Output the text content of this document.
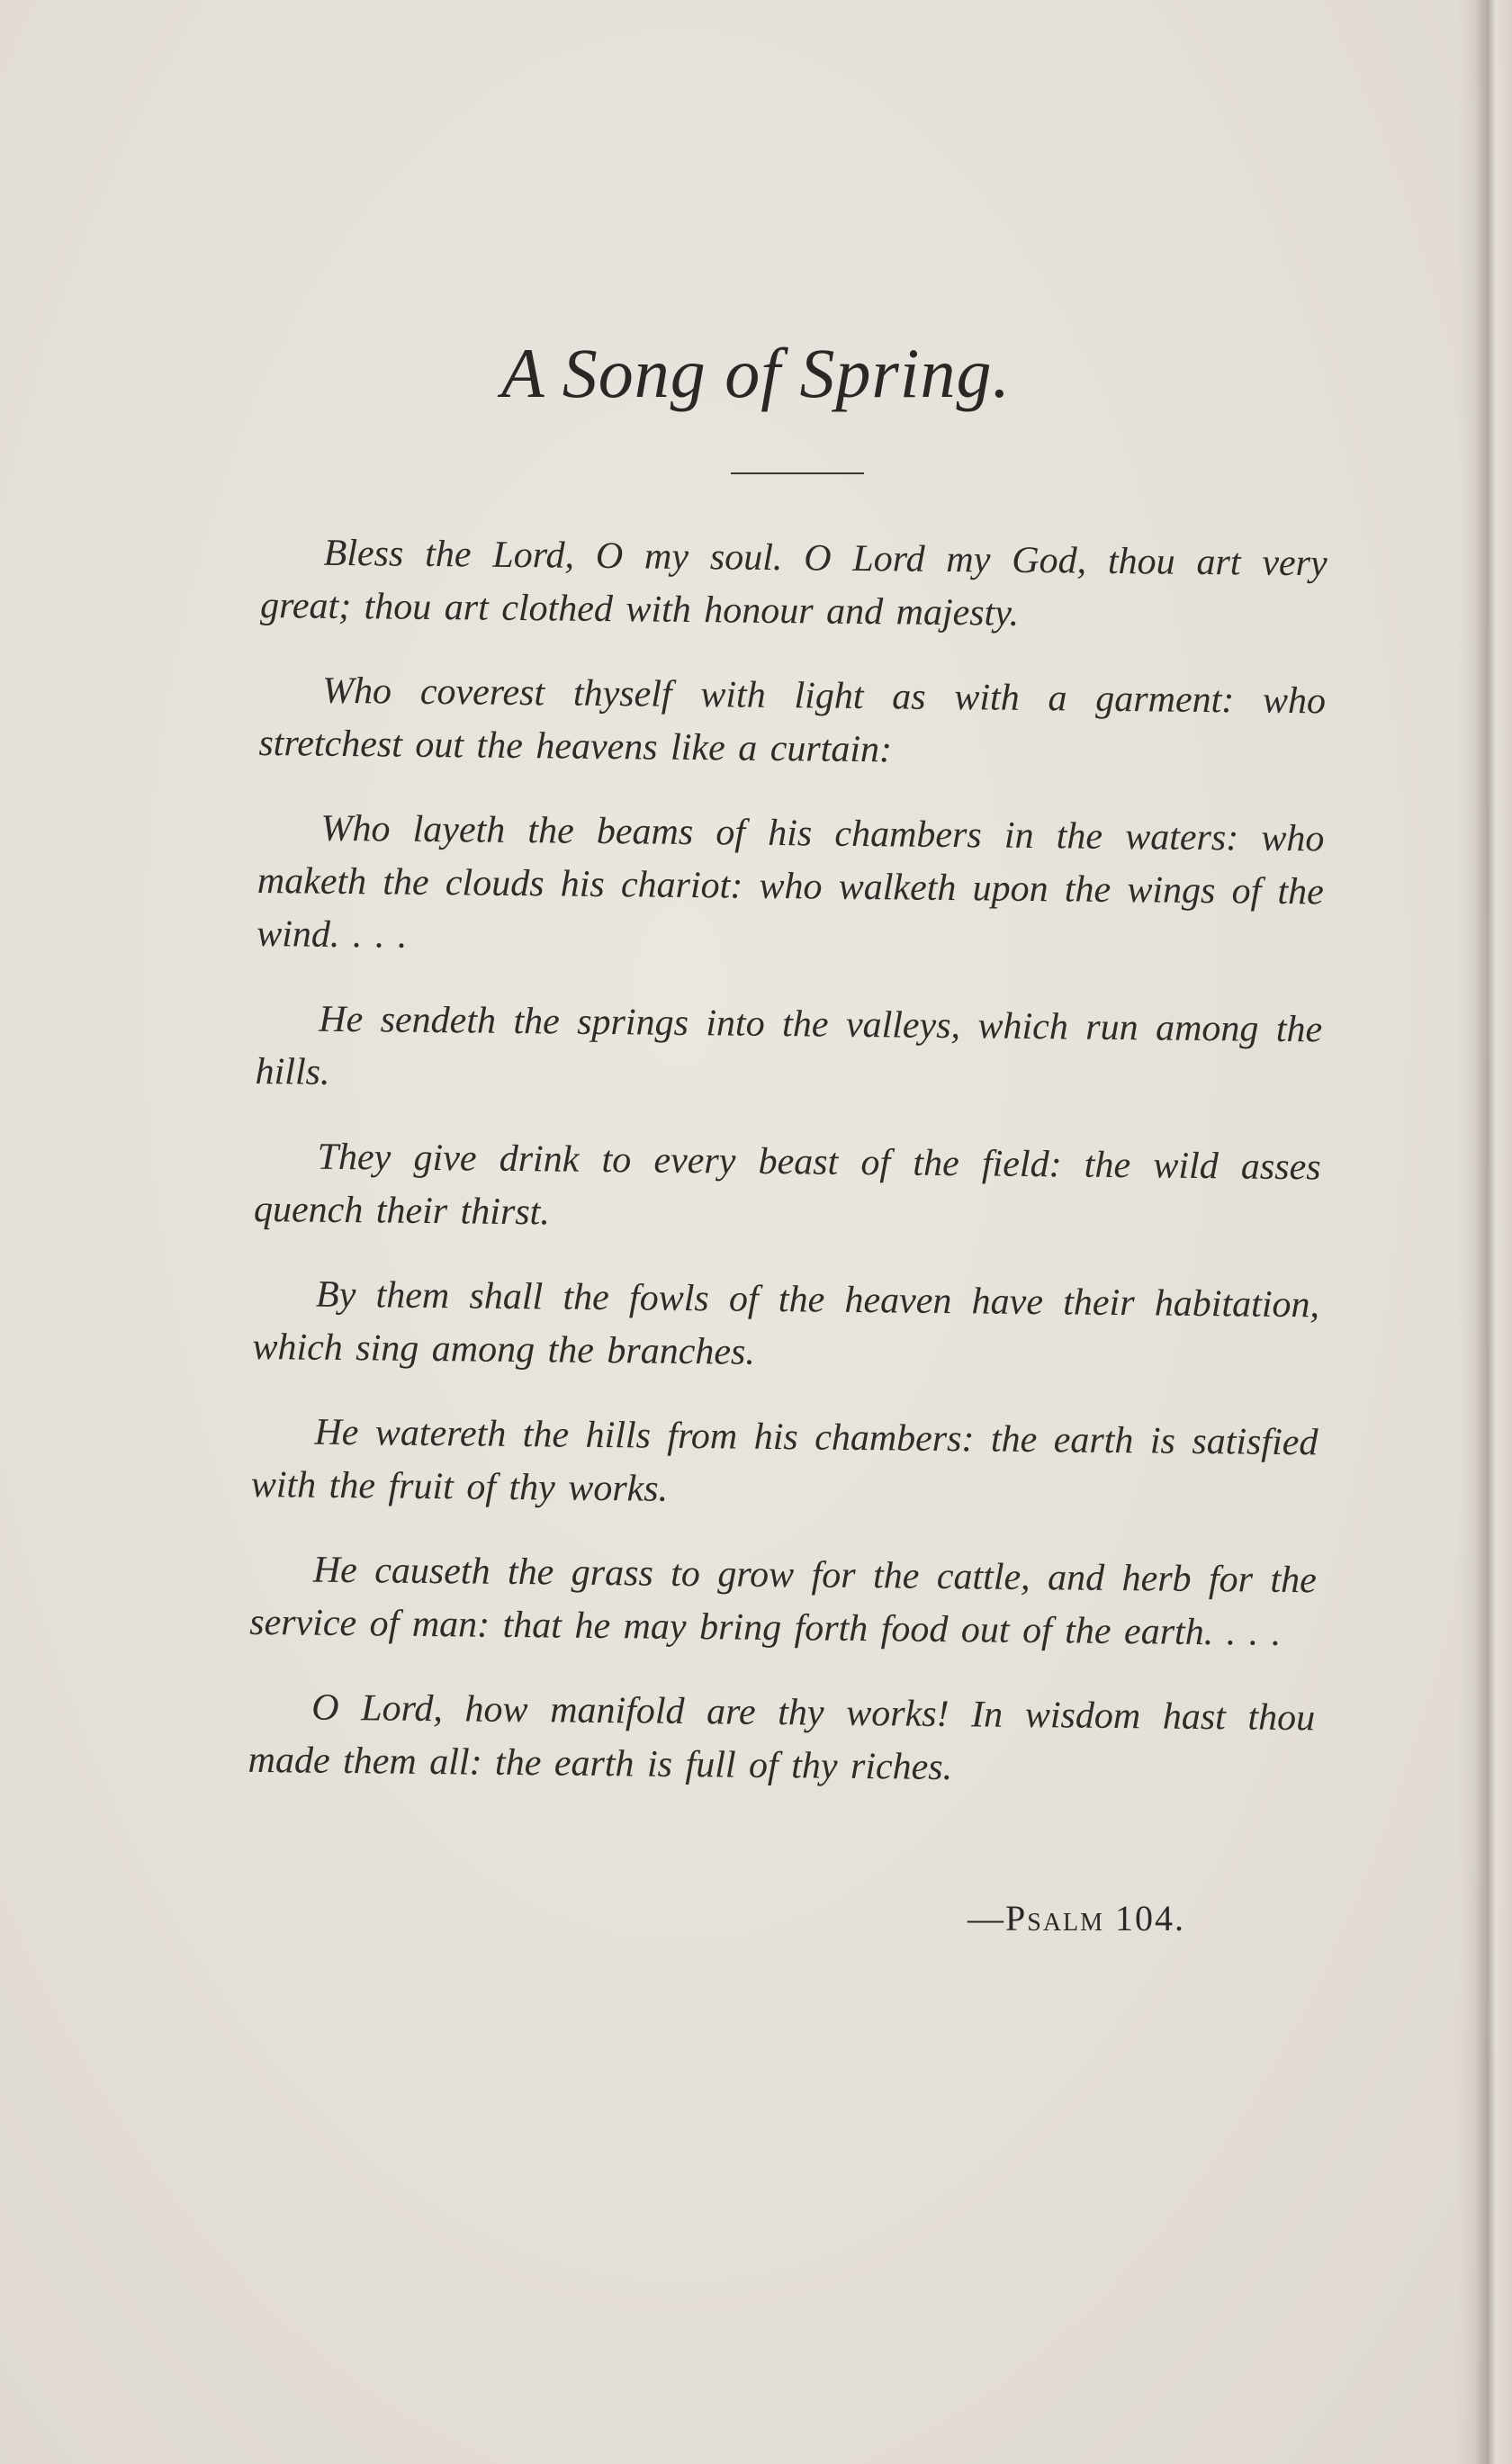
A Song of Spring.

Bless the Lord, O my soul. O Lord my God, thou art very great; thou art clothed with honour and majesty.

Who coverest thyself with light as with a garment: who stretchest out the heavens like a curtain:

Who layeth the beams of his chambers in the waters: who maketh the clouds his chariot: who walketh upon the wings of the wind. . . .

He sendeth the springs into the valleys, which run among the hills.

They give drink to every beast of the field: the wild asses quench their thirst.

By them shall the fowls of the heaven have their habitation, which sing among the branches.

He watereth the hills from his chambers: the earth is satisfied with the fruit of thy works.

He causeth the grass to grow for the cattle, and herb for the service of man: that he may bring forth food out of the earth. . . .

O Lord, how manifold are thy works! In wisdom hast thou made them all: the earth is full of thy riches.

—Psalm 104.
